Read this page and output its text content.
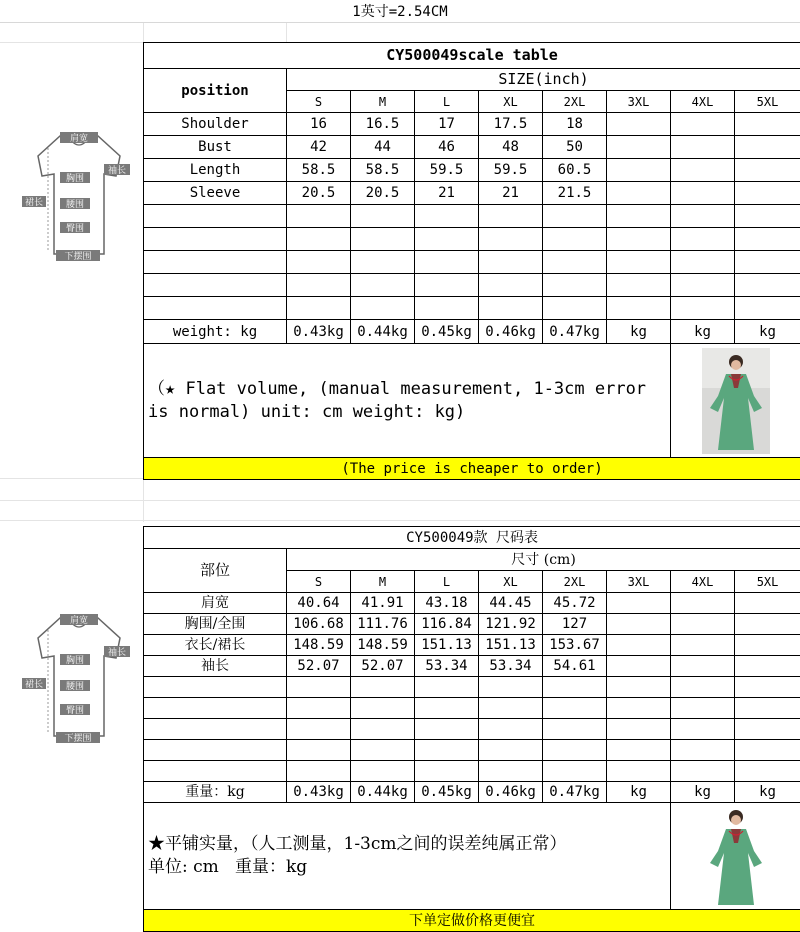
1英寸=2.54CM
肩宽
袖长
胸围
裙长	腰围
臀围
下摆围
CY500049scale table								
position	SIZE(inch)							
	S	M	L	XL	2XL	3XL	4XL	5XL
Shoulder	16	16.5	17	17.5	18			
Bust	42	44	46	48	50			
Length	58.5	58.5	59.5	59.5	60.5			
Sleeve	20.5	20.5	21	21	21.5			

weight: kg	0.43kg	0.44kg	0.45kg	0.46kg	0.47kg	kg	kg	kg
（★ Flat volume, (manual measurement, 1-3cm error is normal) unit: cm weight: kg)	

(The price is cheaper to order)								
肩宽
袖长
胸围
裙长	腰围
臀围
下摆围
CY500049款 尺码表								
部位	尺寸 (cm)							
	S	M	L	XL	2XL	3XL	4XL	5XL
肩宽	40.64	41.91	43.18	44.45	45.72			
胸围/全围	106.68	111.76	116.84	121.92	127			
衣长/裙长	148.59	148.59	151.13	151.13	153.67			
袖长	52.07	52.07	53.34	53.34	54.61			

重量：kg	0.43kg	0.44kg	0.45kg	0.46kg	0.47kg	kg	kg	kg

★平铺实量，（人工测量，1-3cm之间的误差纯属正常）
单位: cm   重量：kg

下单定做价格更便宜								
